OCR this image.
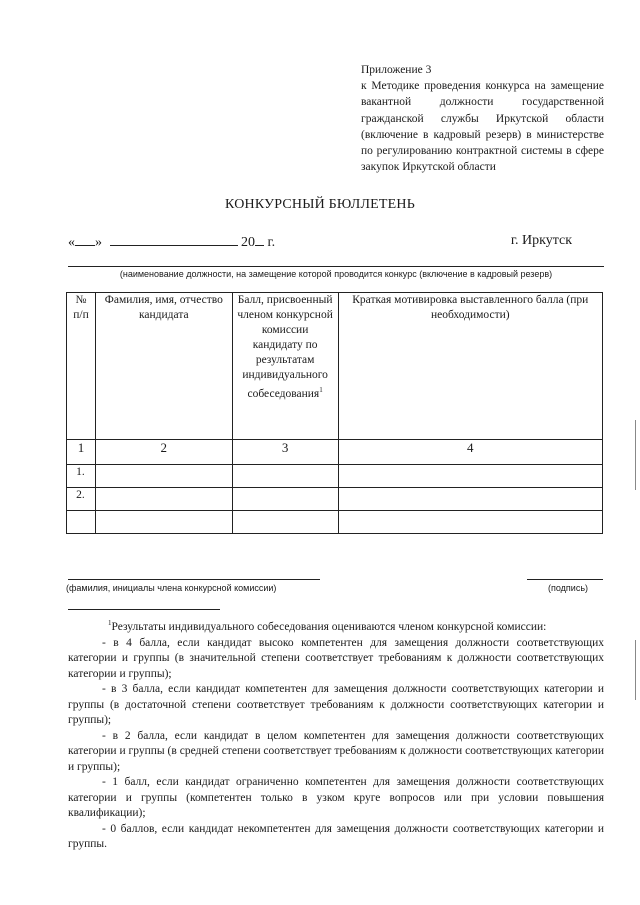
Приложение 3
к Методике проведения конкурса на замещение вакантной должности государственной гражданской службы Иркутской области (включение в кадровый резерв) в министерстве по регулированию контрактной системы в сфере закупок Иркутской области
КОНКУРСНЫЙ БЮЛЛЕТЕНЬ
« »	20 г.	г. Иркутск
(наименование должности, на замещение которой проводится конкурс (включение в кадровый резерв)
№ п/п	Фамилия, имя, отчество кандидата	Балл, присвоенный членом конкурсной комиссии кандидату по результатам индивидуального собеседования$^1$	Краткая мотивировка выставленного балла (при необходимости)
1	2	3	4
1.			
2.			

(фамилия, инициалы члена конкурсной комиссии)	(подпись)

$^1$Результаты индивидуального собеседования оцениваются членом конкурсной комиссии:

- в 4 балла, если кандидат высоко компетентен для замещения должности соответствующих категории и группы (в значительной степени соответствует требованиям к должности соответствующих категории и группы);

- в 3 балла, если кандидат компетентен для замещения должности соответствующих категории и группы (в достаточной степени соответствует требованиям к должности соответствующих категории и группы);

- в 2 балла, если кандидат в целом компетентен для замещения должности соответствующих категории и группы (в средней степени соответствует требованиям к должности соответствующих категории и группы);

- 1 балл, если кандидат ограниченно компетентен для замещения должности соответствующих категории и группы (компетентен только в узком круге вопросов или при условии повышения квалификации);

- 0 баллов, если кандидат некомпетентен для замещения должности соответствующих категории и группы.
